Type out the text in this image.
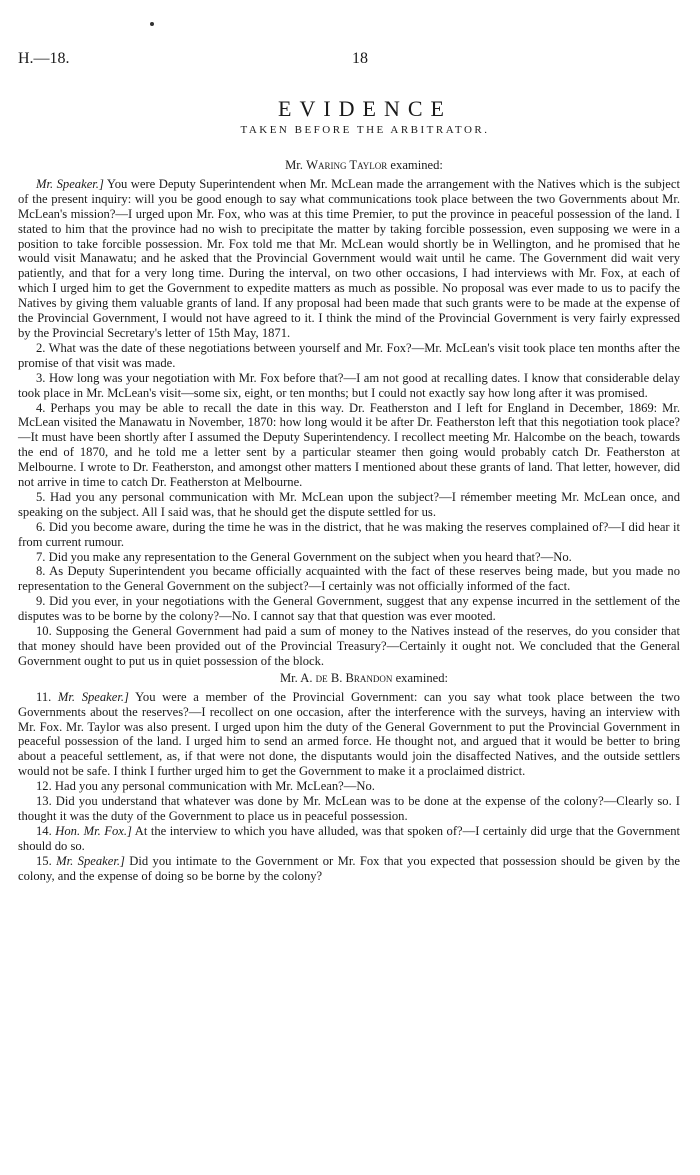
H.—18.	18
EVIDENCE
TAKEN BEFORE THE ARBITRATOR.
Mr. Waring Taylor examined:

Mr. Speaker.] You were Deputy Superintendent when Mr. McLean made the arrangement with the Natives which is the subject of the present inquiry: will you be good enough to say what communications took place between the two Governments about Mr. McLean's mission?—I urged upon Mr. Fox, who was at this time Premier, to put the province in peaceful possession of the land. I stated to him that the province had no wish to precipitate the matter by taking forcible possession, even supposing we were in a position to take forcible possession. Mr. Fox told me that Mr. McLean would shortly be in Wellington, and he promised that he would visit Manawatu; and he asked that the Provincial Government would wait until he came. The Government did wait very patiently, and that for a very long time. During the interval, on two other occasions, I had interviews with Mr. Fox, at each of which I urged him to get the Government to expedite matters as much as possible. No proposal was ever made to us to pacify the Natives by giving them valuable grants of land. If any proposal had been made that such grants were to be made at the expense of the Provincial Government, I would not have agreed to it. I think the mind of the Provincial Government is very fairly expressed by the Provincial Secretary's letter of 15th May, 1871.

2. What was the date of these negotiations between yourself and Mr. Fox?—Mr. McLean's visit took place ten months after the promise of that visit was made.

3. How long was your negotiation with Mr. Fox before that?—I am not good at recalling dates. I know that considerable delay took place in Mr. McLean's visit—some six, eight, or ten months; but I could not exactly say how long after it was promised.

4. Perhaps you may be able to recall the date in this way. Dr. Featherston and I left for England in December, 1869: Mr. McLean visited the Manawatu in November, 1870: how long would it be after Dr. Featherston left that this negotiation took place?—It must have been shortly after I assumed the Deputy Superintendency. I recollect meeting Mr. Halcombe on the beach, towards the end of 1870, and he told me a letter sent by a particular steamer then going would probably catch Dr. Featherston at Melbourne. I wrote to Dr. Featherston, and amongst other matters I mentioned about these grants of land. That letter, however, did not arrive in time to catch Dr. Featherston at Melbourne.

5. Had you any personal communication with Mr. McLean upon the subject?—I rémember meeting Mr. McLean once, and speaking on the subject. All I said was, that he should get the dispute settled for us.

6. Did you become aware, during the time he was in the district, that he was making the reserves complained of?—I did hear it from current rumour.

7. Did you make any representation to the General Government on the subject when you heard that?—No.

8. As Deputy Superintendent you became officially acquainted with the fact of these reserves being made, but you made no representation to the General Government on the subject?—I certainly was not officially informed of the fact.

9. Did you ever, in your negotiations with the General Government, suggest that any expense incurred in the settlement of the disputes was to be borne by the colony?—No. I cannot say that that question was ever mooted.

10. Supposing the General Government had paid a sum of money to the Natives instead of the reserves, do you consider that that money should have been provided out of the Provincial Treasury?—Certainly it ought not. We concluded that the General Government ought to put us in quiet possession of the block.

Mr. A. de B. Brandon examined:

11. Mr. Speaker.] You were a member of the Provincial Government: can you say what took place between the two Governments about the reserves?—I recollect on one occasion, after the interference with the surveys, having an interview with Mr. Fox. Mr. Taylor was also present. I urged upon him the duty of the General Government to put the Provincial Government in peaceful possession of the land. I urged him to send an armed force. He thought not, and argued that it would be better to bring about a peaceful settlement, as, if that were not done, the disputants would join the disaffected Natives, and the outside settlers would not be safe. I think I further urged him to get the Government to make it a proclaimed district.

12. Had you any personal communication with Mr. McLean?—No.

13. Did you understand that whatever was done by Mr. McLean was to be done at the expense of the colony?—Clearly so. I thought it was the duty of the Government to place us in peaceful possession.

14. Hon. Mr. Fox.] At the interview to which you have alluded, was that spoken of?—I certainly did urge that the Government should do so.

15. Mr. Speaker.] Did you intimate to the Government or Mr. Fox that you expected that possession should be given by the colony, and the expense of doing so be borne by the colony?
